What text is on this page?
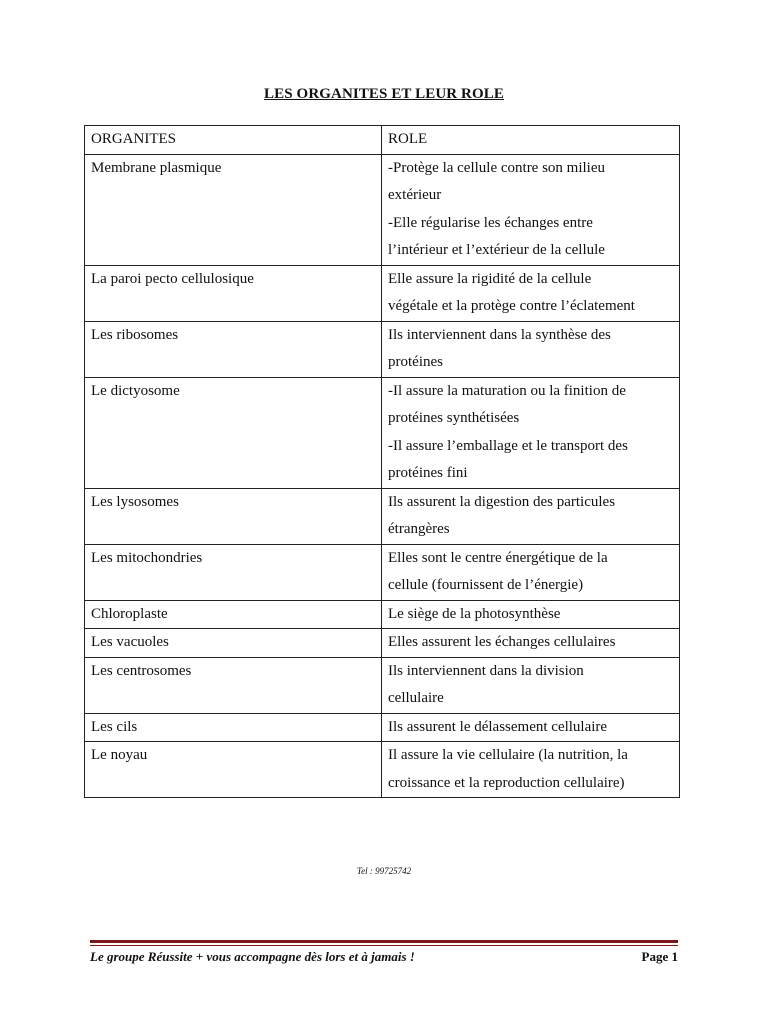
LES ORGANITES ET LEUR ROLE
ORGANITES	ROLE
Membrane plasmique	-Protège la cellule contre son milieu
extérieur
-Elle régularise les échanges entre
l’intérieur et l’extérieur de la cellule

La paroi pecto cellulosique	Elle assure la rigidité de la cellule
végétale et la protège contre l’éclatement

Les ribosomes	Ils interviennent dans la synthèse des
protéines

Le dictyosome	-Il assure la maturation ou la finition de
protéines synthétisées
-Il assure l’emballage et le transport des
protéines fini

Les lysosomes	Ils assurent la digestion des particules
étrangères

Les mitochondries	Elles sont le centre énergétique de la
cellule (fournissent de l’énergie)

Chloroplaste	Le siège de la photosynthèse

Les vacuoles	Elles assurent les échanges cellulaires

Les centrosomes	Ils interviennent dans la division
cellulaire

Les cils	Ils assurent le délassement cellulaire

Le noyau	Il assure la vie cellulaire (la nutrition, la
croissance et la reproduction cellulaire)
Tel : 99725742
Le groupe Réussite + vous accompagne dès lors et à jamais !	Page 1
